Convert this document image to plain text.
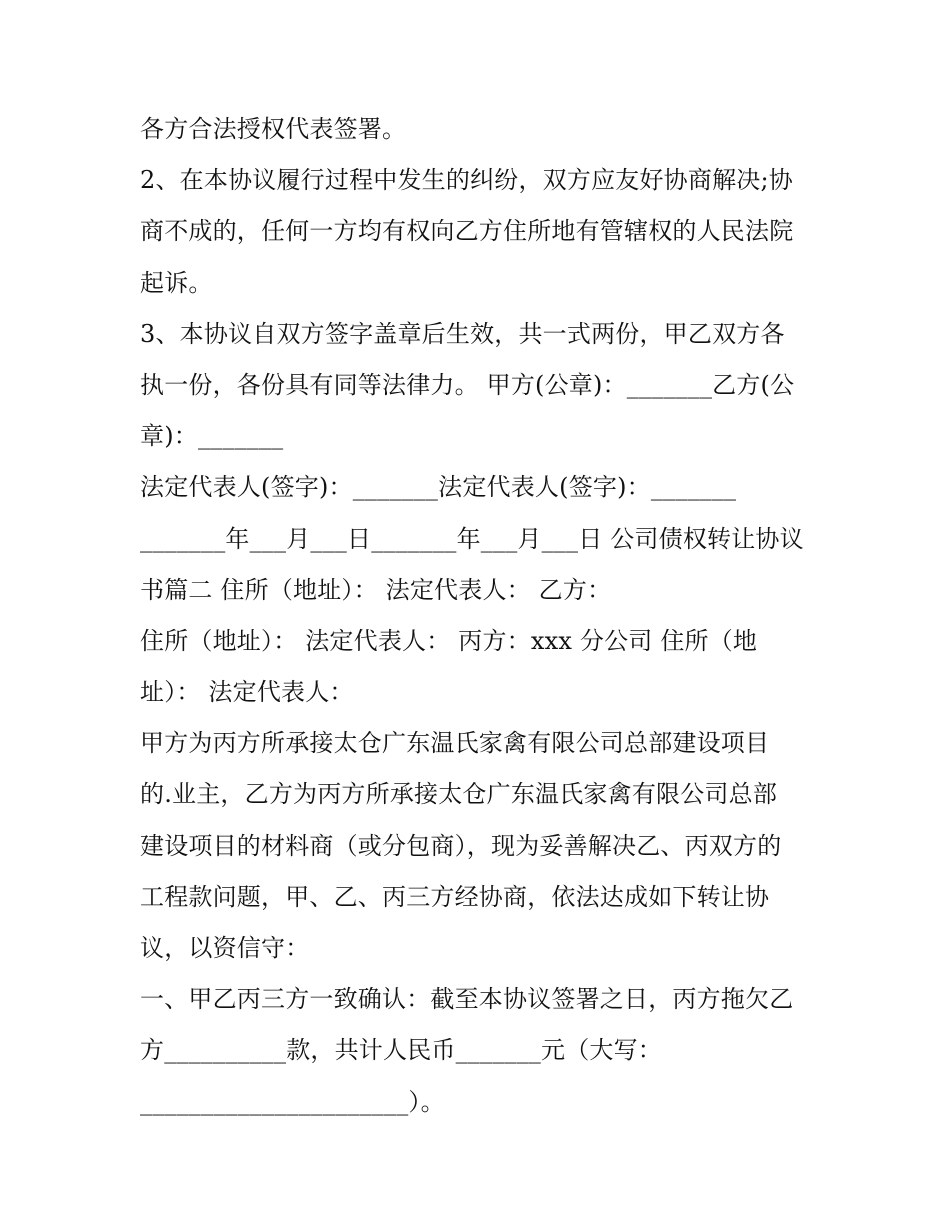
各方合法授权代表签署。
2、在本协议履行过程中发生的纠纷，双方应友好协商解决;协
商不成的，任何一方均有权向乙方住所地有管辖权的人民法院
起诉。
3、本协议自双方签字盖章后生效，共一式两份，甲乙双方各
执一份，各份具有同等法律力。 甲方(公章)：_______乙方(公
章)：_______
法定代表人(签字)：_______法定代表人(签字)：_______
_______年___月___日_______年___月___日 公司债权转让协议
书篇二 住所（地址）： 法定代表人： 乙方：
住所（地址）： 法定代表人： 丙方：xxx 分公司 住所（地
址）： 法定代表人：
甲方为丙方所承接太仓广东温氏家禽有限公司总部建设项目
的.业主，乙方为丙方所承接太仓广东温氏家禽有限公司总部
建设项目的材料商（或分包商），现为妥善解决乙、丙双方的
工程款问题，甲、乙、丙三方经协商，依法达成如下转让协
议，以资信守：
一、甲乙丙三方一致确认：截至本协议签署之日，丙方拖欠乙
方__________款，共计人民币_______元（大写：
______________________）。
